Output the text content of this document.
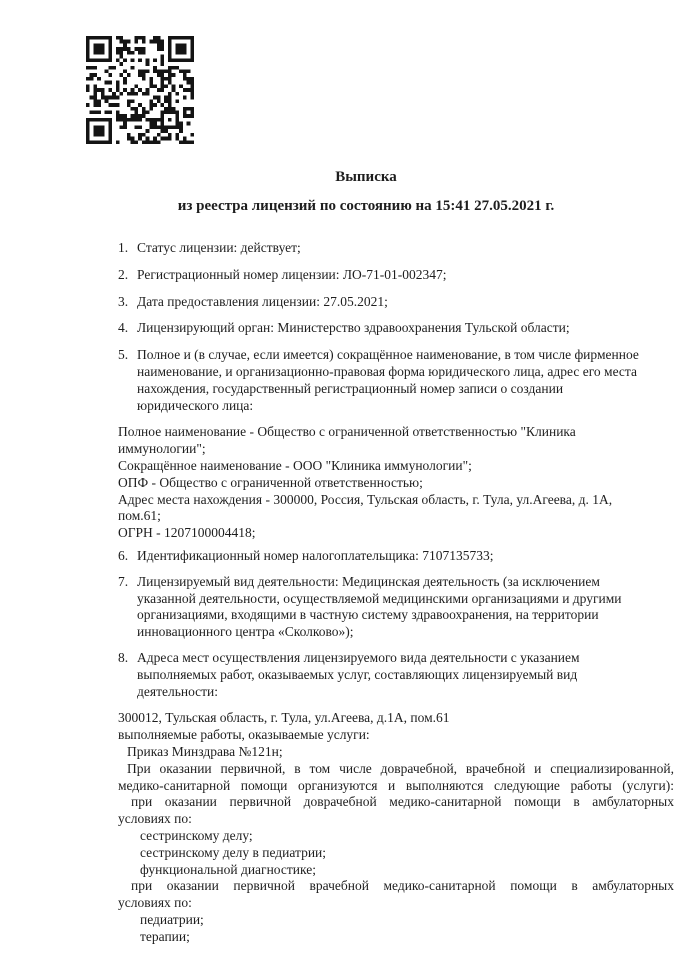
Выписка
из реестра лицензий по состоянию на 15:41 27.05.2021 г.
1. Статус лицензии: действует;
2. Регистрационный номер лицензии: ЛО-71-01-002347;
3. Дата предоставления лицензии: 27.05.2021;
4. Лицензирующий орган: Министерство здравоохранения Тульской области;
5. Полное и (в случае, если имеется) сокращённое наименование, в том числе фирменное
наименование, и организационно-правовая форма юридического лица, адрес его места
нахождения, государственный регистрационный номер записи о создании
юридического лица:
Полное наименование - Общество с ограниченной ответственностью "Клиника
иммунологии";
Сокращённое наименование - ООО "Клиника иммунологии";
ОПФ - Общество с ограниченной ответственностью;
Адрес места нахождения - 300000, Россия, Тульская область, г. Тула, ул.Агеева, д. 1А,
пом.61;
ОГРН - 1207100004418;
6. Идентификационный номер налогоплательщика: 7107135733;
7. Лицензируемый вид деятельности: Медицинская деятельность (за исключением
указанной деятельности, осуществляемой медицинскими организациями и другими
организациями, входящими в частную систему здравоохранения, на территории
инновационного центра «Сколково»);
8. Адреса мест осуществления лицензируемого вида деятельности с указанием
выполняемых работ, оказываемых услуг, составляющих лицензируемый вид
деятельности:
300012, Тульская область, г. Тула, ул.Агеева, д.1А, пом.61
выполняемые работы, оказываемые услуги:
Приказ Минздрава №121н;
При оказании первичной, в том числе доврачебной, врачебной и специализированной,
медико-санитарной помощи организуются и выполняются следующие работы (услуги):
при оказании первичной доврачебной медико-санитарной помощи в амбулаторных
условиях по:
сестринскому делу;
сестринскому делу в педиатрии;
функциональной диагностике;
при оказании первичной врачебной медико-санитарной помощи в амбулаторных
условиях по:
педиатрии;
терапии;
